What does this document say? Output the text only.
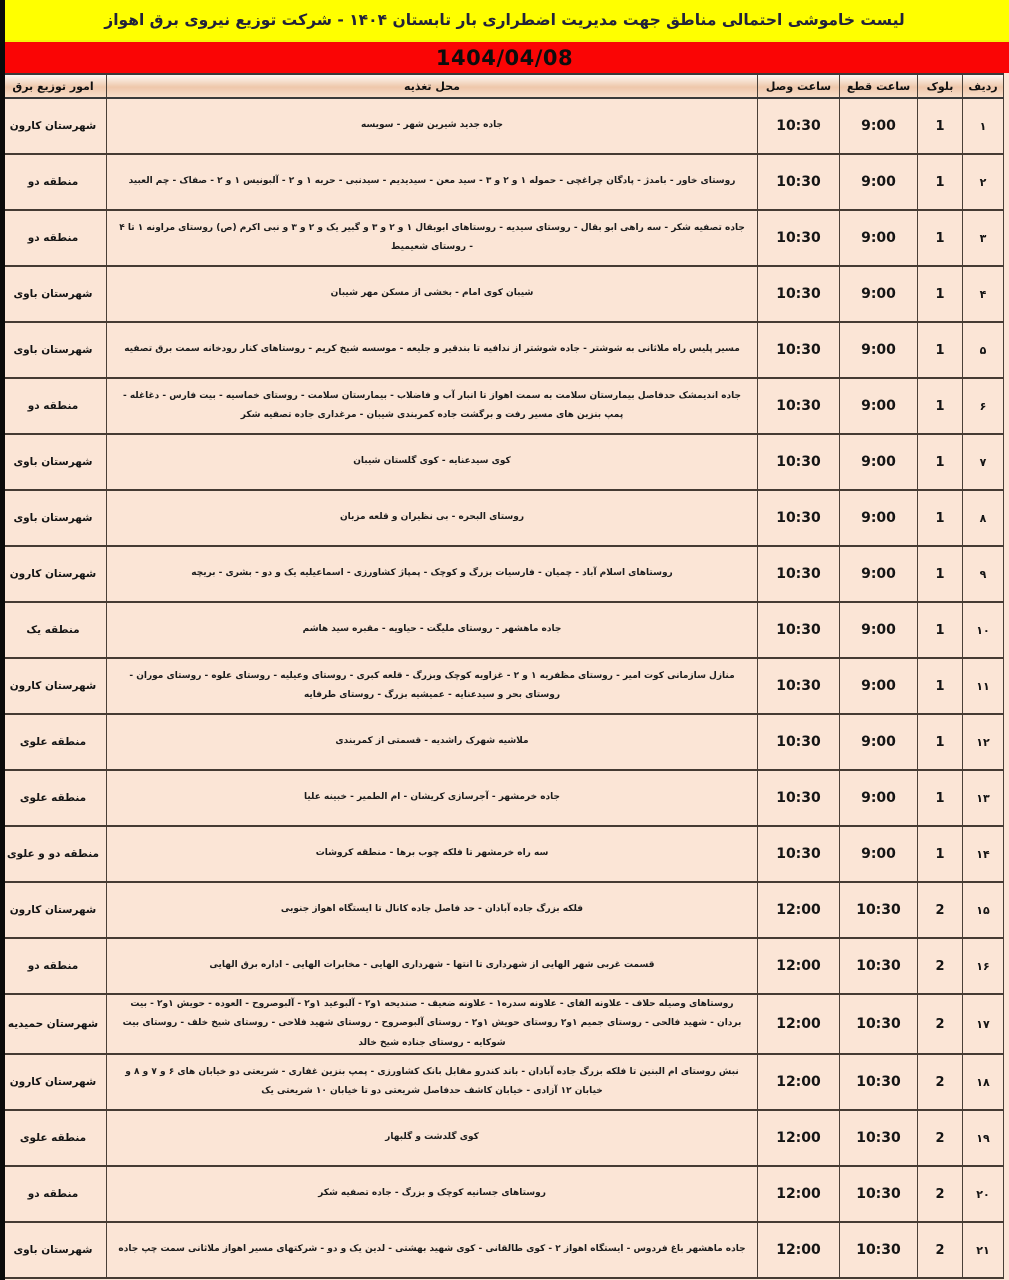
لیست خاموشی احتمالی مناطق جهت مدیریت اضطراری بار تابستان ۱۴۰۴ - شرکت توزیع نیروی برق اهواز
1404/04/08
ردیف	بلوک	ساعت قطع	ساعت وصل	محل تغذیه	امور توزیع برق
۱	1	9:00	10:30	جاده جدید شیرین شهر - سویسه	شهرستان کارون
۲	1	9:00	10:30	روستای خاور - بامدژ - پادگان چراغچی - حموله ۱ و ۲ و ۳ - سید معن - سیدیدیم - سیدنبی - حربه ۱ و ۲ - آلبونیس ۱ و ۲ - صفاک - چم العبید	منطقه دو
۳	1	9:00	10:30	جاده تصفیه شکر - سه راهی ابو بقال - روستای سیدیه - روستاهای ابوبقال ۱ و ۲ و ۳ و گبیر یک و ۲ و ۳ و نبی اکرم (ص) روستای مراونه ۱ تا ۴ - روستای شعیمیط	منطقه دو
۴	1	9:00	10:30	شیبان کوی امام - بخشی از مسکن مهر شیبان	شهرستان باوی
۵	1	9:00	10:30	مسیر پلیس راه ملاثانی به شوشتر - جاده شوشتر از ندافیه تا بندقیر و جلیعه - موسسه شیخ کریم - روستاهای کنار رودخانه سمت برق تصفیه	شهرستان باوی
۶	1	9:00	10:30	جاده اندیمشک حدفاصل بیمارستان سلامت به سمت اهواز تا انبار آب و فاضلاب - بیمارستان سلامت - روستای خماسیه - بیت فارس - دغاغله - پمپ بنزین های مسیر رفت و برگشت جاده کمربندی شیبان - مرغداری جاده تصفیه شکر	منطقه دو
۷	1	9:00	10:30	کوی سیدعنایه - کوی گلستان شیبان	شهرستان باوی
۸	1	9:00	10:30	روستای البحره - بی نظیران و قلعه مزبان	شهرستان باوی
۹	1	9:00	10:30	روستاهای اسلام آباد - چمیان - فارسیات بزرگ و کوچک - پمپاژ کشاورزی - اسماعیلیه یک و دو - بشری - بریچه	شهرستان کارون
۱۰	1	9:00	10:30	جاده ماهشهر - روستای ملیگت - حیاویه - مقبره سید هاشم	منطقه یک
۱۱	1	9:00	10:30	منازل سازمانی کوت امیر - روستای مظفریه ۱ و ۲ - غزاویه کوچک وبزرگ - قلعه کبری - روستای وعیلیه - روستای علوه - روستای موران - روستای بحر و سیدعنایه - عمیشیه بزرگ - روستای طرفایه	شهرستان کارون
۱۲	1	9:00	10:30	ملاشیه شهرک راشدیه - قسمتی از کمربندی	منطقه علوی
۱۳	1	9:00	10:30	جاده خرمشهر - آجرسازی کریشان - ام الطمیر - خبینه علیا	منطقه علوی
۱۴	1	9:00	10:30	سه راه خرمشهر تا فلکه چوب برها - منطقه کروشات	منطقه دو و علوی
۱۵	2	10:30	12:00	فلکه بزرگ جاده آبادان - حد فاصل جاده کانال تا ایستگاه اهواز جنوبی	شهرستان کارون
۱۶	2	10:30	12:00	قسمت غربی شهر الهایی از شهرداری تا انتها - شهرداری الهایی - مخابرات الهایی - اداره برق الهایی	منطقه دو
۱۷	2	10:30	12:00	روستاهای وصیله حلاف - علاونه الفای - علاونه سدره۱ - علاونه ضعیف - صندیحه ۱و۲ - آلبوعید ۱و۲ - آلبوصروح - العوده - حویش ۱و۲ - بیت بردان - شهید فالحی - روستای جمیم ۱و۲ روستای حویش ۱و۲ - روستای آلبوصروح - روستای شهید فلاحی - روستای شیخ خلف - روستای بیت شوکایه - روستای جناده شیخ خالد	شهرستان حمیدیه
۱۸	2	10:30	12:00	نبش روستای ام البنین تا فلکه بزرگ جاده آبادان - باند کندرو مقابل بانک کشاورزی - پمپ بنزین غفاری - شریعتی دو خیابان های ۶ و ۷ و ۸ و خیابان ۱۲ آزادی - خیابان کاشف حدفاصل شریعتی دو تا خیابان ۱۰ شریعتی یک	شهرستان کارون
۱۹	2	10:30	12:00	کوی گلدشت و گلبهار	منطقه علوی
۲۰	2	10:30	12:00	روستاهای جسانیه کوچک و بزرگ - جاده تصفیه شکر	منطقه دو
۲۱	2	10:30	12:00	جاده ماهشهر باغ فردوس - ایستگاه اهواز ۲ - کوی طالقانی - کوی شهید بهشتی - لدین یک و دو - شرکتهای مسیر اهواز ملاثانی سمت چپ جاده	شهرستان باوی
